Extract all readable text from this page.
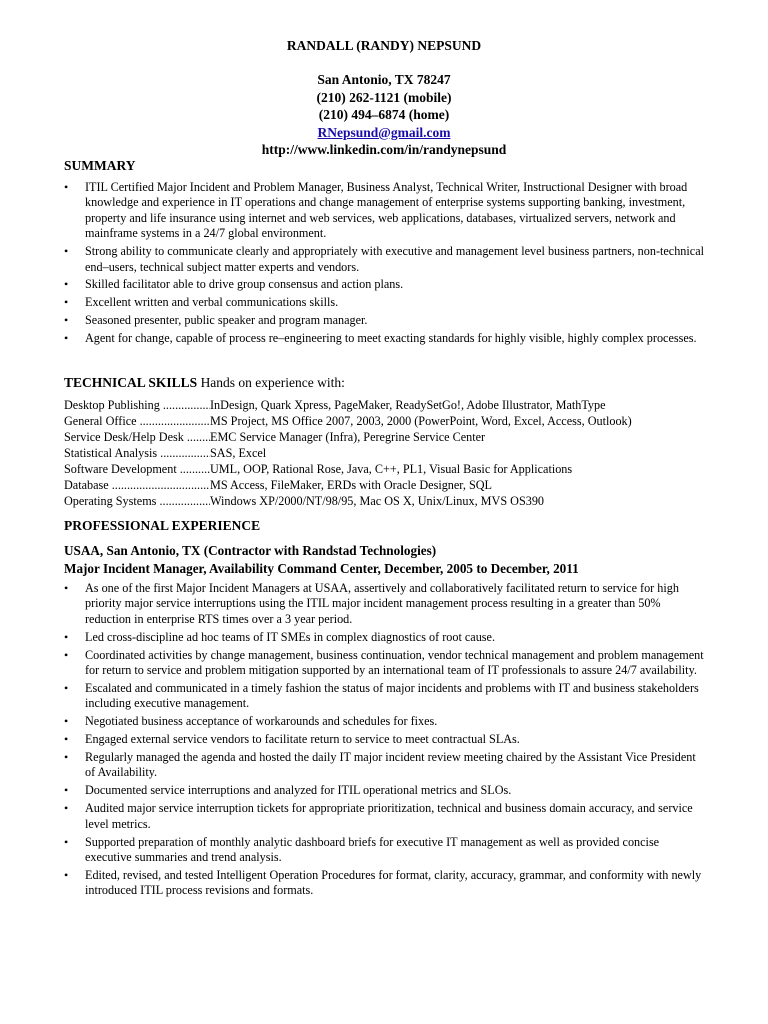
RANDALL (RANDY) NEPSUND
San Antonio, TX 78247
(210) 262-1121 (mobile)
(210) 494–6874 (home)
RNepsund@gmail.com
http://www.linkedin.com/in/randynepsund
SUMMARY
• ITIL Certified Major Incident and Problem Manager, Business Analyst, Technical Writer, Instructional Designer with broad knowledge and experience in IT operations and change management of enterprise systems supporting banking, investment, property and life insurance using internet and web services, web applications, databases, virtualized servers, network and mainframe systems in a 24/7 global environment.
• Strong ability to communicate clearly and appropriately with executive and management level business partners, non-technical end–users, technical subject matter experts and vendors.
• Skilled facilitator able to drive group consensus and action plans.
• Excellent written and verbal communications skills.
• Seasoned presenter, public speaker and program manager.
• Agent for change, capable of process re–engineering to meet exacting standards for highly visible, highly complex processes.
TECHNICAL SKILLS Hands on experience with:
Desktop Publishing .....	InDesign, Quark Xpress, PageMaker, ReadySetGo!, Adobe Illustrator, MathType
General Office .....	MS Project, MS Office 2007, 2003, 2000 (PowerPoint, Word, Excel, Access, Outlook)
Service Desk/Help Desk .....	EMC Service Manager (Infra), Peregrine Service Center
Statistical Analysis .....	SAS, Excel
Software Development .....	UML, OOP, Rational Rose, Java, C++, PL1, Visual Basic for Applications
Database .....	MS Access, FileMaker, ERDs with Oracle Designer, SQL
Operating Systems .....	Windows XP/2000/NT/98/95, Mac OS X, Unix/Linux, MVS OS390
PROFESSIONAL EXPERIENCE
USAA, San Antonio, TX (Contractor with Randstad Technologies)
Major Incident Manager, Availability Command Center, December, 2005 to December, 2011
• As one of the first Major Incident Managers at USAA, assertively and collaboratively facilitated return to service for high priority major service interruptions using the ITIL major incident management process resulting in a greater than 50% reduction in enterprise RTS times over a 3 year period.
• Led cross-discipline ad hoc teams of IT SMEs in complex diagnostics of root cause.
• Coordinated activities by change management, business continuation, vendor technical management and problem management for return to service and problem mitigation supported by an international team of IT professionals to assure 24/7 availability.
• Escalated and communicated in a timely fashion the status of major incidents and problems with IT and business stakeholders including executive management.
• Negotiated business acceptance of workarounds and schedules for fixes.
• Engaged external service vendors to facilitate return to service to meet contractual SLAs.
• Regularly managed the agenda and hosted the daily IT major incident review meeting chaired by the Assistant Vice President of Availability.
• Documented service interruptions and analyzed for ITIL operational metrics and SLOs.
• Audited major service interruption tickets for appropriate prioritization, technical and business domain accuracy, and service level metrics.
• Supported preparation of monthly analytic dashboard briefs for executive IT management as well as provided concise executive summaries and trend analysis.
• Edited, revised, and tested Intelligent Operation Procedures for format, clarity, accuracy, grammar, and conformity with newly introduced ITIL process revisions and formats.
